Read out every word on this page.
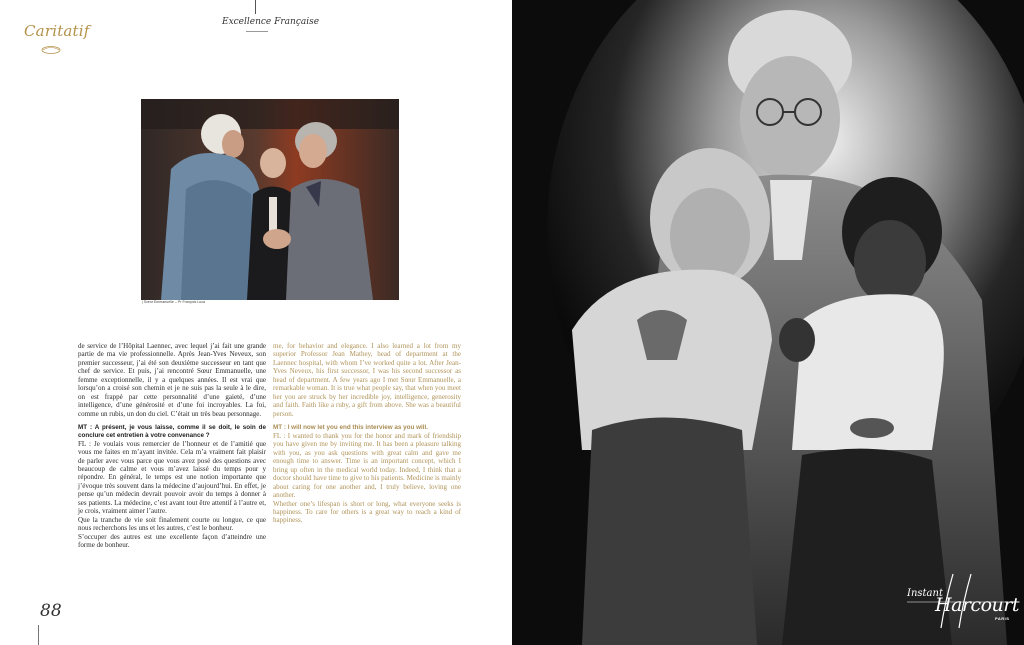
Caritatif	Excellence Française
| Sœur Emmanuelle – Pr François Luca

de service de l’Hôpital Laennec, avec lequel j’ai fait une grande partie de ma vie professionnelle. Après Jean-Yves Neveux, son premier successeur, j’ai été son deuxième successeur en tant que chef de service. Et puis, j’ai rencontré Sœur Emmanuelle, une femme exceptionnelle, il y a quelques années. Il est vrai que lorsqu’on a croisé son chemin et je ne suis pas la seule à le dire, on est frappé par cette personnalité d’une gaieté, d’une intelligence, d’une générosité et d’une foi incroyables. La foi, comme un rubis, un don du ciel. C’était un très beau personnage.

MT : A présent, je vous laisse, comme il se doit, le soin de conclure cet entretien à votre convenance ?

FL : Je voulais vous remercier de l’honneur et de l’amitié que vous me faites en m’ayant invitée. Cela m’a vraiment fait plaisir de parler avec vous parce que vous avez posé des questions avec beaucoup de calme et vous m’avez laissé du temps pour y répondre. En général, le temps est une notion importante que j’évoque très souvent dans la médecine d’aujourd’hui. En effet, je pense qu’un médecin devrait pouvoir avoir du temps à donner à ses patients. La médecine, c’est avant tout être attentif à l’autre et, je crois, vraiment aimer l’autre.

Que la tranche de vie soit finalement courte ou longue, ce que nous recherchons les uns et les autres, c’est le bonheur.

S’occuper des autres est une excellente façon d’atteindre une forme de bonheur.

me, for behavior and elegance. I also learned a lot from my superior Professor Jean Mathey, head of department at the Laennec hospital, with whom I’ve worked quite a lot. After Jean-Yves Neveux, his first successor, I was his second successor as head of department. A few years ago I met Sœur Emmanuelle, a remarkable woman. It is true what people say, that when you meet her you are struck by her incredible joy, intelligence, generosity and faith. Faith like a ruby, a gift from above. She was a beautiful person.

MT : I will now let you end this interview as you will.

FL : I wanted to thank you for the honor and mark of friendship you have given me by inviting me. It has been a pleasure talking with you, as you ask questions with great calm and gave me enough time to answer. Time is an important concept, which I bring up often in the medical world today. Indeed, I think that a doctor should have time to give to his patients. Medicine is mainly about caring for one another and, I truly believe, loving one another.

Whether one’s lifespan is short or long, what everyone seeks is happiness. To care for others is a great way to reach a kind of happiness.

88
Instant
Harcourt
PARIS
